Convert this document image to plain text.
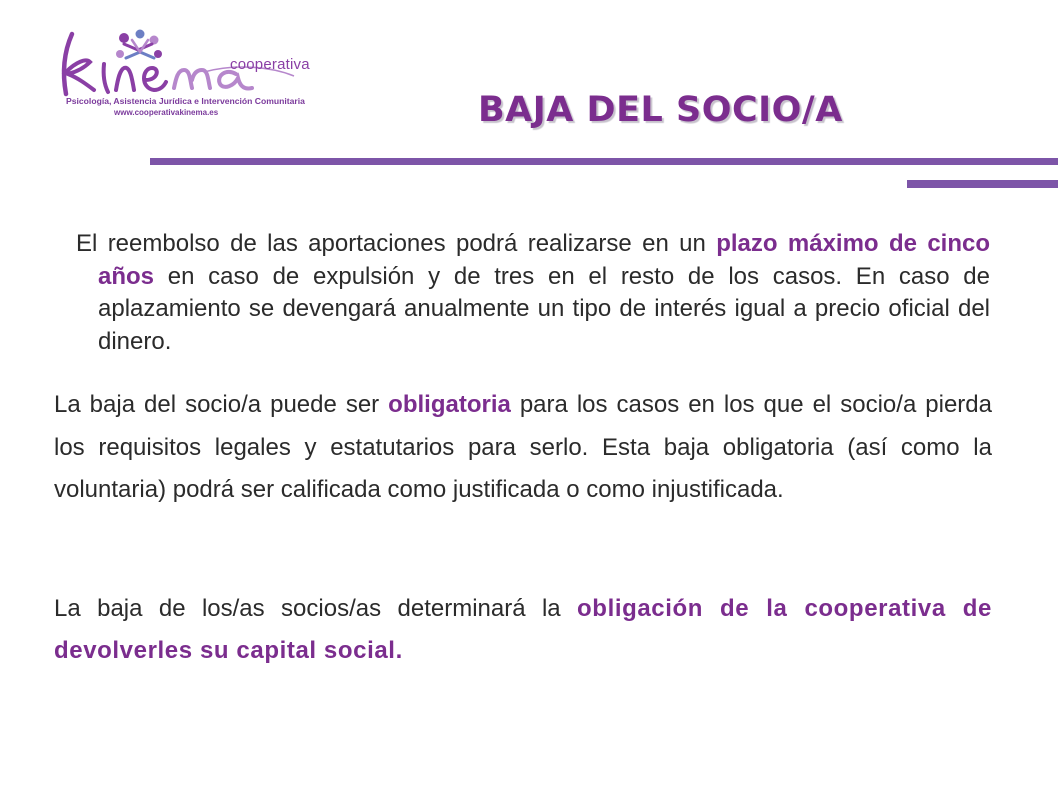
cooperativa
Psicología, Asistencia Jurídica e Intervención Comunitaria
www.cooperativakinema.es	BAJA DEL SOCIO/A
El reembolso de las aportaciones podrá realizarse en un plazo máximo de cinco años en caso de expulsión y de tres en el resto de los casos. En caso de aplazamiento se devengará anualmente un tipo de interés igual a precio oficial del dinero.
La baja del socio/a puede ser obligatoria para los casos en los que el socio/a pierda los requisitos legales y estatutarios para serlo. Esta baja obligatoria (así como la voluntaria) podrá ser calificada como justificada o como injustificada.
La baja de los/as socios/as determinará la obligación de la cooperativa de devolverles su capital social.
